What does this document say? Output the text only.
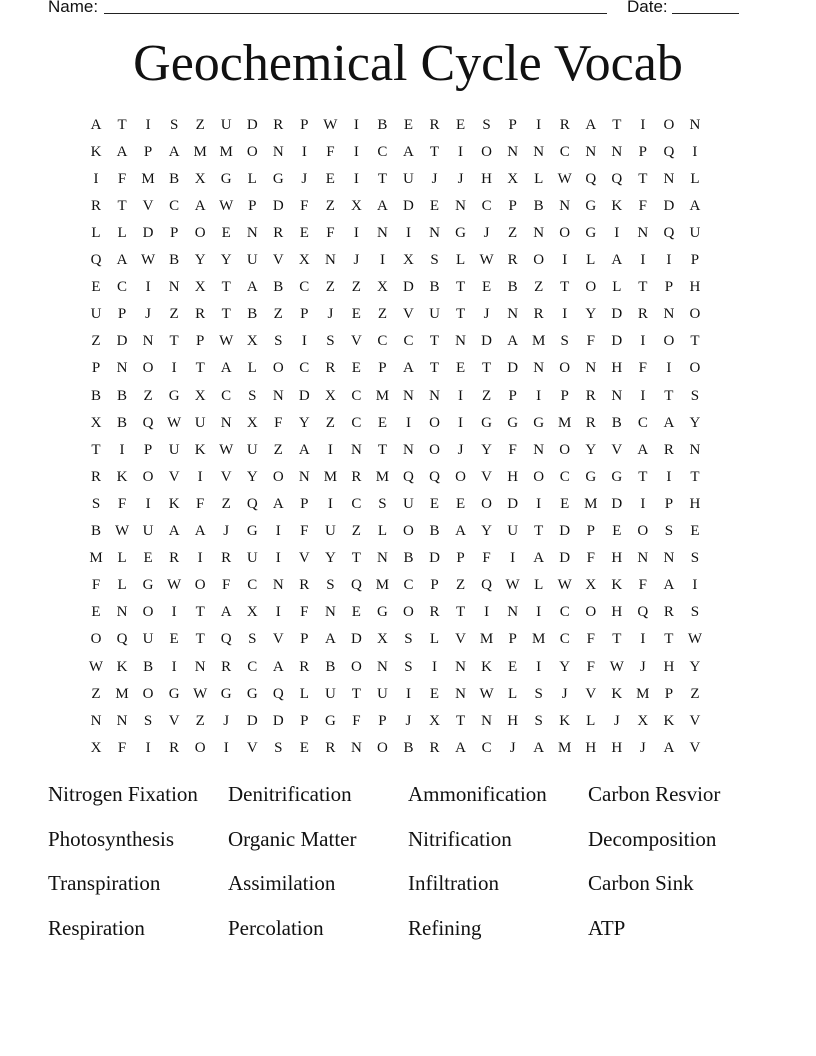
Name:	Date:
Geochemical Cycle Vocab
A	T	I	S	Z	U	D	R	P W	I	B	E	R	E	S	P	I	R	A	T	I	O	N
K	A	P	A M M O	N	I	F	I	C	A	T	I	O	N	N	C	N	N	P	Q	I
I	F	M B	X	G	L	G	J	E	I	T	U	J	J	H	X	L W Q	Q	T	N	L
R	T	V	C	A W P	D	F	Z	X	A	D	E	N	C	P	B	N	G	K	F	D	A
L	L	D	P	O	E	N	R	E	F	I	N	I	N	G	J	Z	N	O	G	I	N	Q	U
Q	A W B	Y	Y	U	V	X	N	J	I	X	S	L W R	O	I	L	A	I	I	P
E	C	I	N	X	T	A	B	C	Z	Z	X	D	B	T	E	B	Z	T	O	L	T	P	H
U	P	J	Z	R	T	B	Z	P	J	E	Z	V	U	T	J	N	R	I	Y	D	R	N	O
Z	D	N	T	P W X	S	I	S	V	C	C	T	N	D	A M	S	F	D	I	O	T
P	N	O	I	T	A	L	O	C	R	E	P	A	T	E	T	D	N	O	N	H	F	I	O
B	B	Z	G	X	C	S	N	D	X	C M N	N	I	Z	P	I	P	R	N	I	T	S
X	B	Q W U	N	X	F	Y	Z	C	E	I	O	I	G	G	G M R	B	C	A	Y
T	I	P	U	K W U	Z	A	I	N	T	N	O	J	Y	F	N	O	Y	V	A	R	N
R	K	O	V	I	V	Y	O	N M R M Q	Q	O	V	H	O	C	G	G	T	I	T
S	F	I	K	F	Z	Q	A	P	I	C	S	U	E	E	O	D	I	E M D	I	P	H
B W U	A	A	J	G	I	F	U	Z	L	O	B	A	Y	U	T	D	P	E	O	S	E
M L	E	R	I	R	U	I	V	Y	T	N	B	D	P	F	I	A	D	F	H	N	N	S
F	L	G W O	F	C	N	R	S	Q M C	P	Z	Q W L W X	K	F	A	I
E	N	O	I	T	A	X	I	F	N	E	G	O	R	T	I	N	I	C	O	H	Q	R	S
O	Q	U	E	T	Q	S	V	P	A	D	X	S	L	V M	P	M C	F	T	I	T W
W K	B	I	N	R	C	A	R	B	O	N	S	I	N	K	E	I	Y	F W	J	H	Y
Z M O	G W G	G	Q	L	U	T	U	I	E	N W L	S	J	V	K M	P	Z
N	N	S	V	Z	J	D	D	P	G	F	P	J	X	T	N	H	S	K	L	J	X	K	V
X	F	I	R	O	I	V	S	E	R	N	O	B	R	A	C	J	A M H	H	J	A	V
Nitrogen Fixation	Denitrification	Ammonification	Carbon Resvior
Photosynthesis	Organic Matter	Nitrification	Decomposition
Transpiration	Assimilation	Infiltration	Carbon Sink
Respiration	Percolation	Refining	ATP
